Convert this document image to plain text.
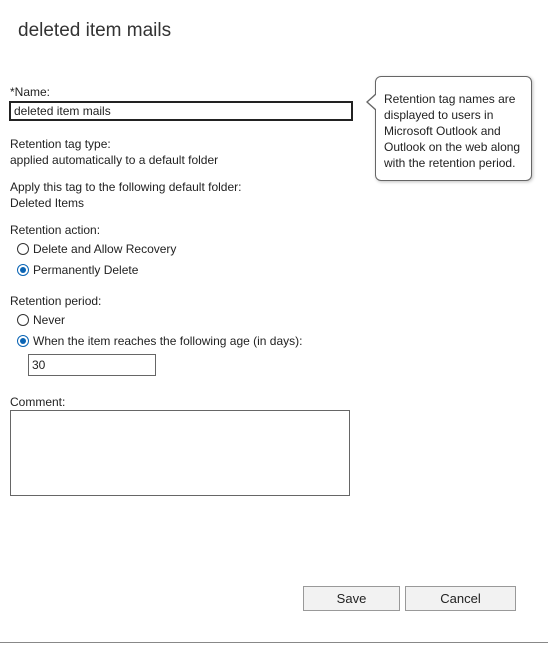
deleted item mails
*Name:
deleted item mails	Retention tag names are displayed to users in Microsoft Outlook and Outlook on the web along with the retention period.
Retention tag type:
applied automatically to a default folder
Apply this tag to the following default folder:
Deleted Items
Retention action:
Delete and Allow Recovery
Permanently Delete
Retention period:
Never
When the item reaches the following age (in days):
30
Comment:
Save	Cancel
